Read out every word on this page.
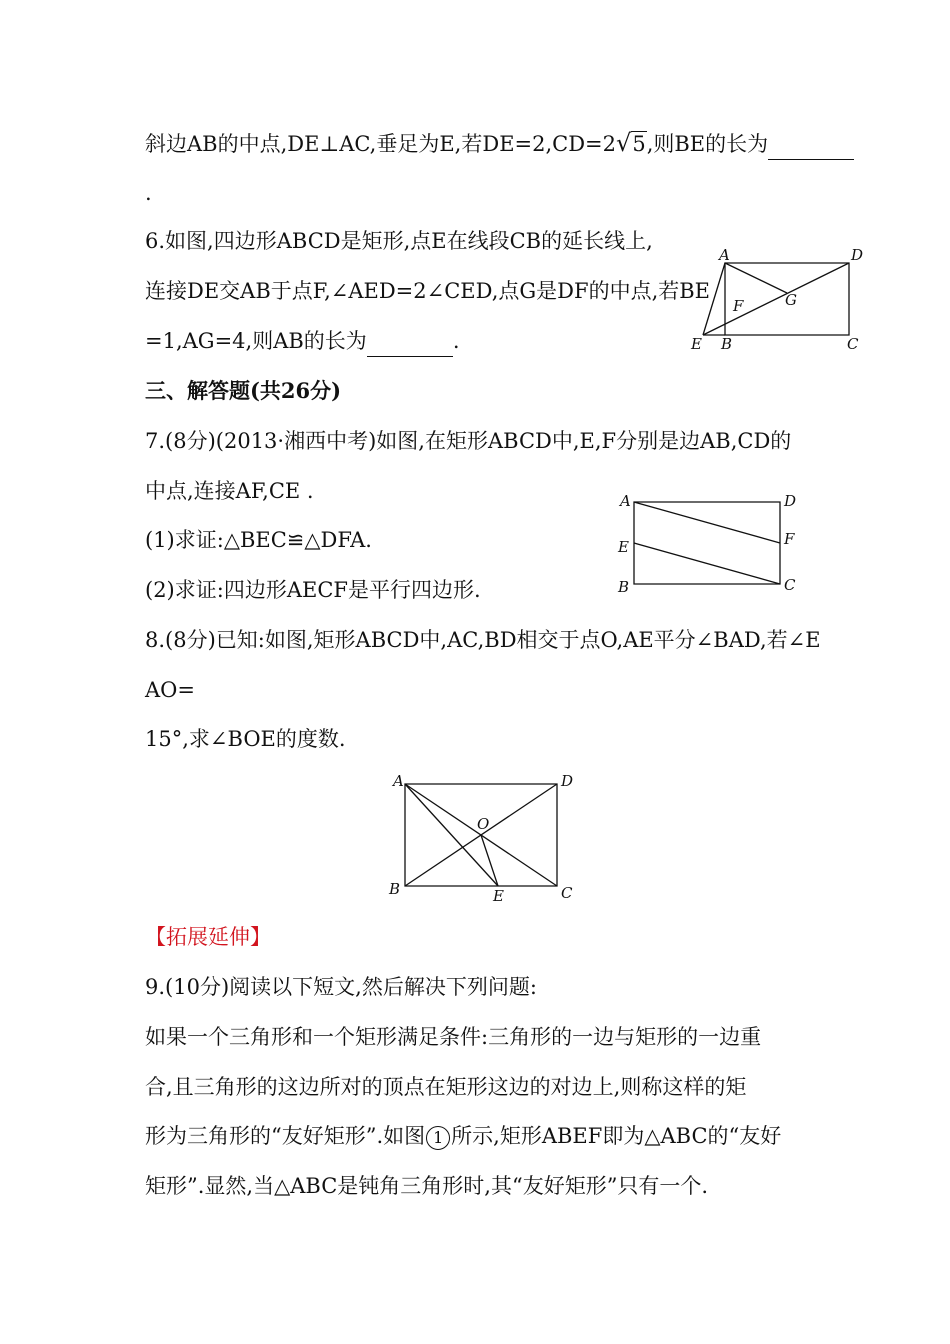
斜边AB的中点,DE⊥AC,垂足为E,若DE=2,CD=2√5,则BE的长为
.
6.如图,四边形ABCD是矩形,点E在线段CB的延长线上,
连接DE交AB于点F,∠AED=2∠CED,点G是DF的中点,若BE
=1,AG=4,则AB的长为	.
A	D
F	G
E B	C
三、解答题(共26分)
7.(8分)(2013·湘西中考)如图,在矩形ABCD中,E,F分别是边AB,CD的
中点,连接AF,CE .
(1)求证:△BEC≌△DFA.
(2)求证:四边形AECF是平行四边形.
A	D
E	F
B	C
8.(8分)已知:如图,矩形ABCD中,AC,BD相交于点O,AE平分∠BAD,若∠E
AO=
15°,求∠BOE的度数.
A	D
O
B	E	C
【拓展延伸】
9.(10分)阅读以下短文,然后解决下列问题:
如果一个三角形和一个矩形满足条件:三角形的一边与矩形的一边重
合,且三角形的这边所对的顶点在矩形这边的对边上,则称这样的矩
形为三角形的“友好矩形”.如图 1 所示,矩形ABEF即为△ABC的“友好
矩形”.显然,当△ABC是钝角三角形时,其“友好矩形”只有一个.
